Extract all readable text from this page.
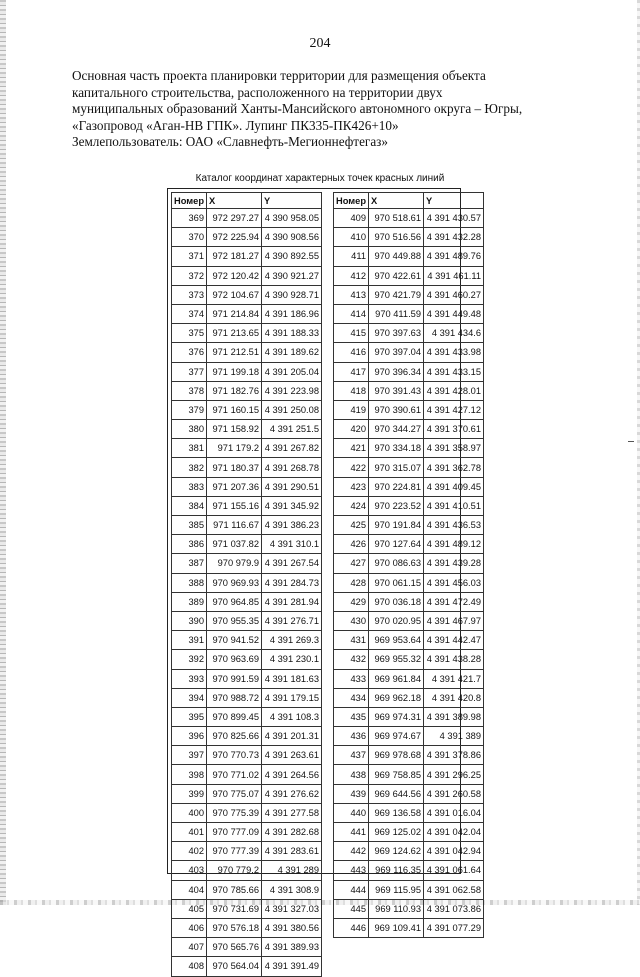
204
Основная часть проекта планировки территории для размещения объекта
капитального строительства, расположенного на территории двух
муниципальных образований Ханты-Мансийского автономного округа – Югры,
«Газопровод «Аган-НВ ГПК». Лупинг ПК335-ПК426+10»
Землепользователь: ОАО «Славнефть-Мегионнефтегаз»
Каталог координат характерных точек красных линий
Номер	X	Y
369	972 297.27	4 390 958.05
370	972 225.94	4 390 908.56
371	972 181.27	4 390 892.55
372	972 120.42	4 390 921.27
373	972 104.67	4 390 928.71
374	971 214.84	4 391 186.96
375	971 213.65	4 391 188.33
376	971 212.51	4 391 189.62
377	971 199.18	4 391 205.04
378	971 182.76	4 391 223.98
379	971 160.15	4 391 250.08
380	971 158.92	4 391 251.5
381	971 179.2	4 391 267.82
382	971 180.37	4 391 268.78
383	971 207.36	4 391 290.51
384	971 155.16	4 391 345.92
385	971 116.67	4 391 386.23
386	971 037.82	4 391 310.1
387	970 979.9	4 391 267.54
388	970 969.93	4 391 284.73
389	970 964.85	4 391 281.94
390	970 955.35	4 391 276.71
391	970 941.52	4 391 269.3
392	970 963.69	4 391 230.1
393	970 991.59	4 391 181.63
394	970 988.72	4 391 179.15
395	970 899.45	4 391 108.3
396	970 825.66	4 391 201.31
397	970 770.73	4 391 263.61
398	970 771.02	4 391 264.56
399	970 775.07	4 391 276.62
400	970 775.39	4 391 277.58
401	970 777.09	4 391 282.68
402	970 777.39	4 391 283.61
403	970 779.2	4 391 289
404	970 785.66	4 391 308.9
405	970 731.69	4 391 327.03
406	970 576.18	4 391 380.56
407	970 565.76	4 391 389.93
408	970 564.04	4 391 391.49
Номер	X	Y
409	970 518.61	4 391 430.57
410	970 516.56	4 391 432.28
411	970 449.88	4 391 489.76
412	970 422.61	4 391 461.11
413	970 421.79	4 391 460.27
414	970 411.59	4 391 449.48
415	970 397.63	4 391 434.6
416	970 397.04	4 391 433.98
417	970 396.34	4 391 433.15
418	970 391.43	4 391 428.01
419	970 390.61	4 391 427.12
420	970 344.27	4 391 370.61
421	970 334.18	4 391 358.97
422	970 315.07	4 391 362.78
423	970 224.81	4 391 409.45
424	970 223.52	4 391 410.51
425	970 191.84	4 391 436.53
426	970 127.64	4 391 489.12
427	970 086.63	4 391 439.28
428	970 061.15	4 391 456.03
429	970 036.18	4 391 472.49
430	970 020.95	4 391 467.97
431	969 953.64	4 391 442.47
432	969 955.32	4 391 438.28
433	969 961.84	4 391 421.7
434	969 962.18	4 391 420.8
435	969 974.31	4 391 389.98
436	969 974.67	4 391 389
437	969 978.68	4 391 378.86
438	969 758.85	4 391 296.25
439	969 644.56	4 391 260.58
440	969 136.58	4 391 016.04
441	969 125.02	4 391 042.04
442	969 124.62	4 391 042.94
443	969 116.35	4 391 061.64
444	969 115.95	4 391 062.58
445	969 110.93	4 391 073.86
446	969 109.41	4 391 077.29
